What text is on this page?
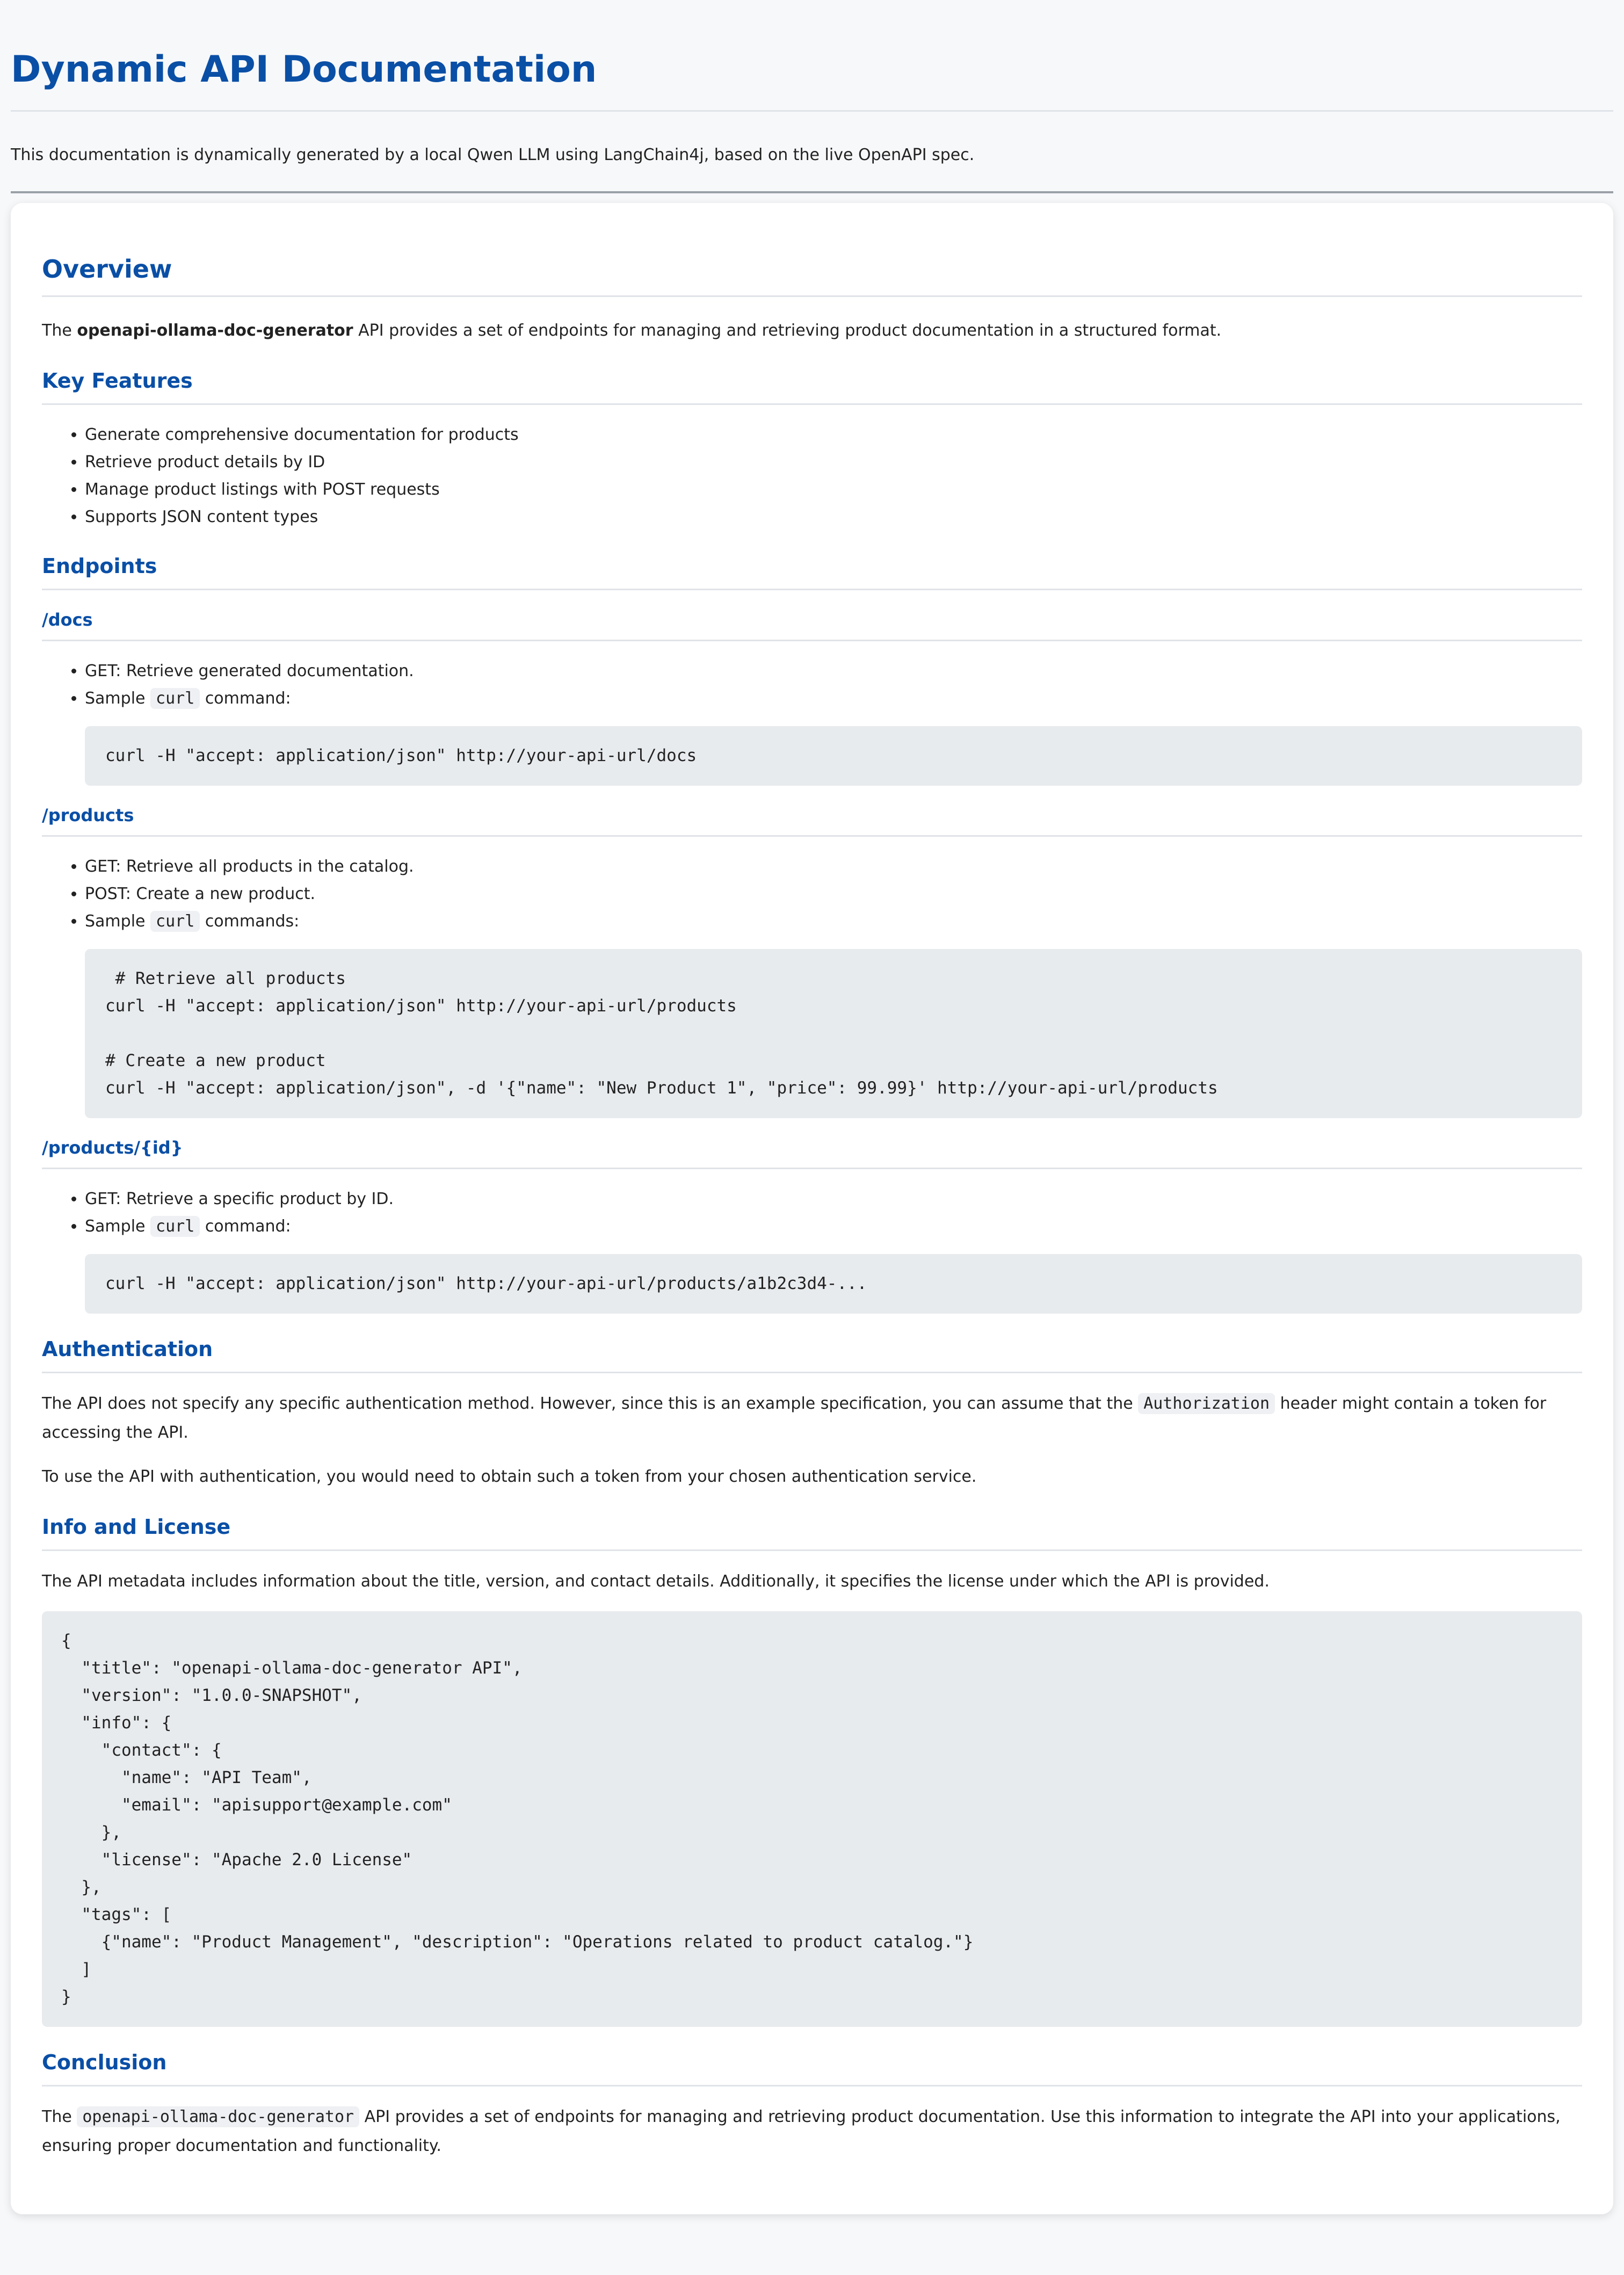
Dynamic API Documentation

This documentation is dynamically generated by a local Qwen LLM using LangChain4j, based on the live OpenAPI spec.

Overview

The openapi-ollama-doc-generator API provides a set of endpoints for managing and retrieving product documentation in a structured format.

Key Features
• Generate comprehensive documentation for products
• Retrieve product details by ID
• Manage product listings with POST requests
• Supports JSON content types
Endpoints
/docs
• GET: Retrieve generated documentation.
• Sample curl command:
curl -H "accept: application/json" http://your-api-url/docs
/products
• GET: Retrieve all products in the catalog.
• POST: Create a new product.
• Sample curl commands:
# Retrieve all products
curl -H "accept: application/json" http://your-api-url/products

# Create a new product
curl -H "accept: application/json", -d '{"name": "New Product 1", "price": 99.99}' http://your-api-url/products
/products/{id}
• GET: Retrieve a specific product by ID.
• Sample curl command:
curl -H "accept: application/json" http://your-api-url/products/a1b2c3d4-...
Authentication

The API does not specify any specific authentication method. However, since this is an example specification, you can assume that the Authorization header might contain a token for accessing the API.

To use the API with authentication, you would need to obtain such a token from your chosen authentication service.

Info and License

The API metadata includes information about the title, version, and contact details. Additionally, it specifies the license under which the API is provided.

{
"title": "openapi-ollama-doc-generator API",
"version": "1.0.0-SNAPSHOT",
"info": {
"contact": {
"name": "API Team",
"email": "apisupport@example.com"
},
"license": "Apache 2.0 License"
},
"tags": [
{"name": "Product Management", "description": "Operations related to product catalog."}
]
}
Conclusion

The openapi-ollama-doc-generator API provides a set of endpoints for managing and retrieving product documentation. Use this information to integrate the API into your applications, ensuring proper documentation and functionality.
